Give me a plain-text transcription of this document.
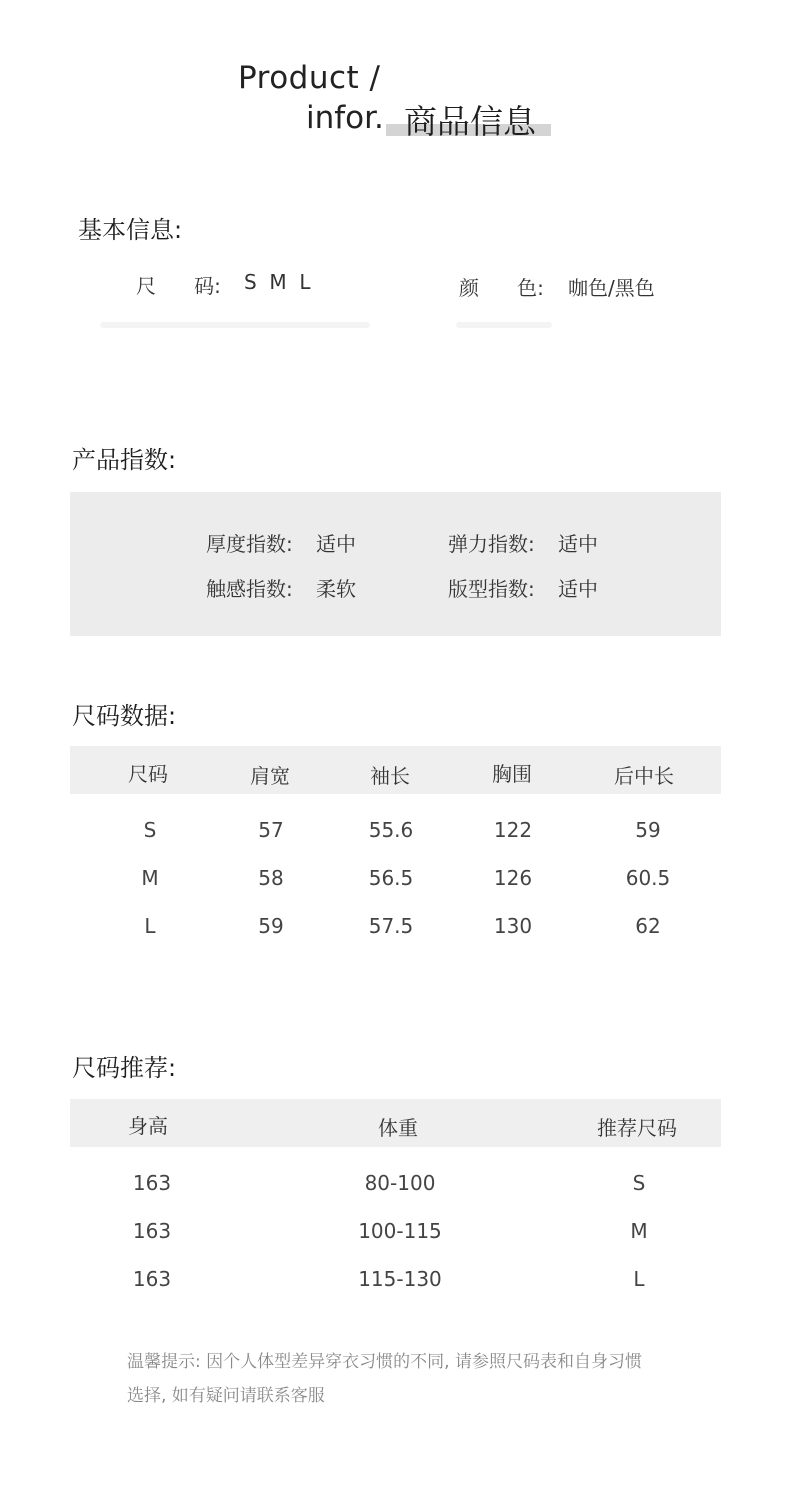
Product /
infor. 商品信息
基本信息:
尺      码: S  M  L	颜      色: 咖色/黑色
产品指数:
厚度指数: 适中	弹力指数: 适中
触感指数: 柔软	版型指数: 适中
尺码数据:
尺码	肩宽	袖长	胸围	后中长
S	57	55.6	122	59
M	58	56.5	126	60.5
L	59	57.5	130	62
尺码推荐:
身高	体重	推荐尺码
163	80-100	S
163	100-115	M
163	115-130	L
温馨提示: 因个人体型差异穿衣习惯的不同, 请参照尺码表和自身习惯
选择, 如有疑问请联系客服
